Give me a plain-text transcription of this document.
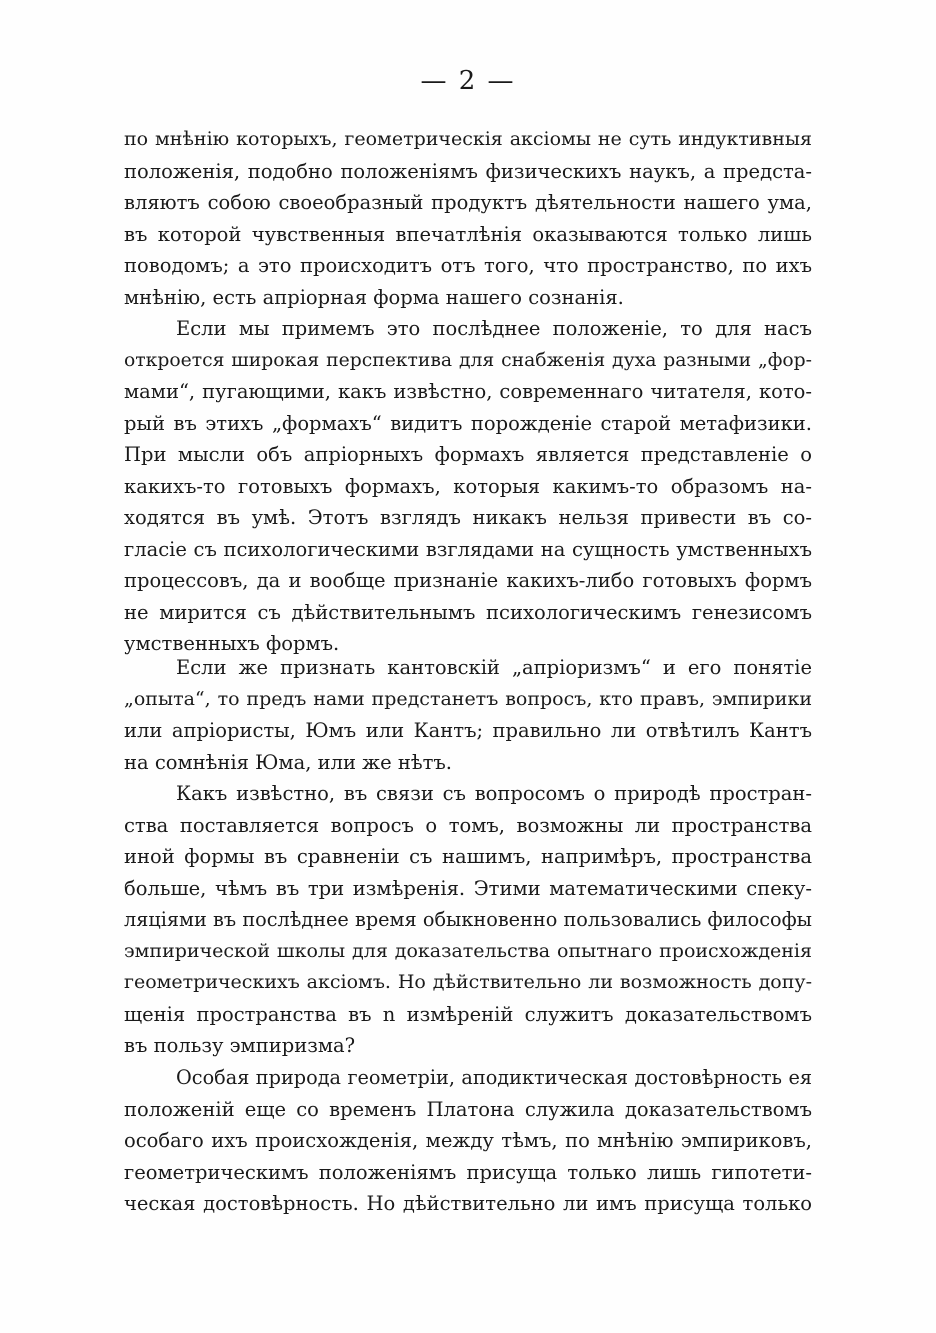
— 2 —
по мнѣнію которыхъ, геометрическія аксіомы не суть индуктивныя
положенія, подобно положеніямъ физическихъ наукъ, а предста-
вляютъ собою своеобразный продуктъ дѣятельности нашего ума,
въ которой чувственныя впечатлѣнія оказываются только лишь
поводомъ; а это происходитъ отъ того, что пространство, по ихъ
мнѣнію, есть апріорная форма нашего сознанія.
Если мы примемъ это послѣднее положеніе, то для насъ
откроется широкая перспектива для снабженія духа разными „фор-
мами“, пугающими, какъ извѣстно, современнаго читателя, кото-
рый въ этихъ „формахъ“ видитъ порожденіе старой метафизики.
При мысли объ апріорныхъ формахъ является представленіе о
какихъ-то готовыхъ формахъ, которыя какимъ-то образомъ на-
ходятся въ умѣ. Этотъ взглядъ никакъ нельзя привести въ со-
гласіе съ психологическими взглядами на сущность умственныхъ
процессовъ, да и вообще признаніе какихъ-либо готовыхъ формъ
не мирится съ дѣйствительнымъ психологическимъ генезисомъ
умственныхъ формъ.
Если же признать кантовскій „апріоризмъ“ и его понятіе
„опыта“, то предъ нами предстанетъ вопросъ, кто правъ, эмпирики
или апріористы, Юмъ или Кантъ; правильно ли отвѣтилъ Кантъ
на сомнѣнія Юма, или же нѣтъ.
Какъ извѣстно, въ связи съ вопросомъ о природѣ простран-
ства поставляется вопросъ о томъ, возможны ли пространства
иной формы въ сравненіи съ нашимъ, напримѣръ, пространства
больше, чѣмъ въ три измѣренія. Этими математическими спеку-
ляціями въ послѣднее время обыкновенно пользовались философы
эмпирической школы для доказательства опытнаго происхожденія
геометрическихъ аксіомъ. Но дѣйствительно ли возможность допу-
щенія пространства въ n измѣреній служитъ доказательствомъ
въ пользу эмпиризма?
Особая природа геометріи, аподиктическая достовѣрность ея
положеній еще со временъ Платона служила доказательствомъ
особаго ихъ происхожденія, между тѣмъ, по мнѣнію эмпириковъ,
геометрическимъ положеніямъ присуща только лишь гипотети-
ческая достовѣрность. Но дѣйствительно ли имъ присуща только
